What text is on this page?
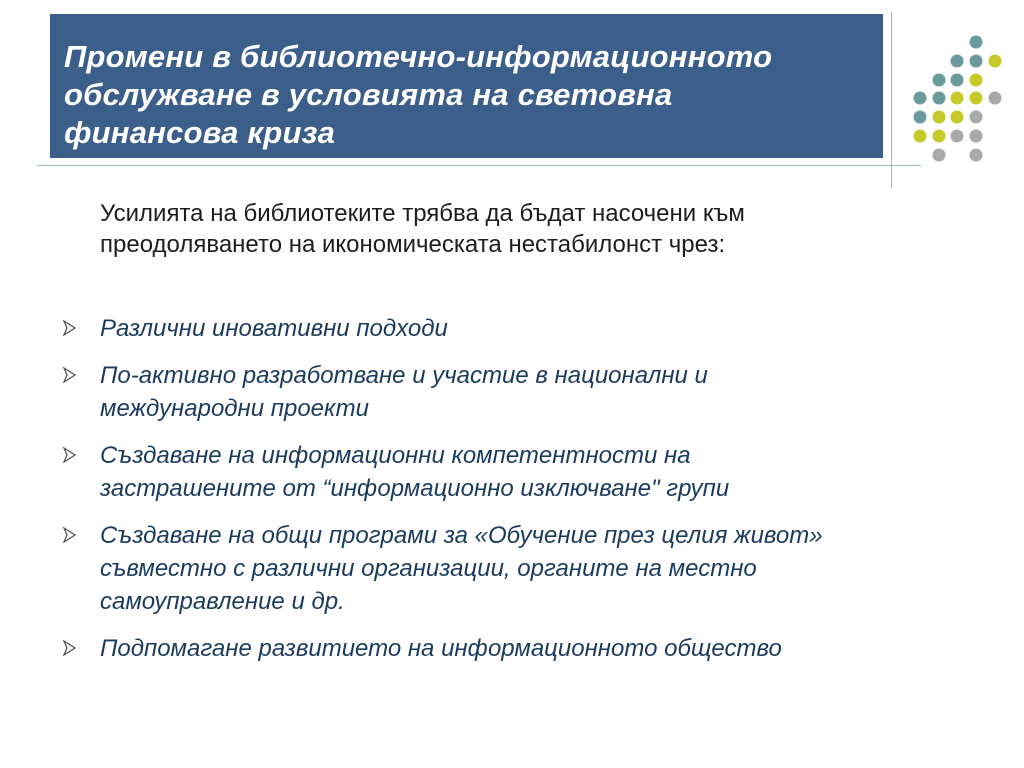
Промени в библиотечно-информационното
обслужване в условията на световна
финансова криза

Усилията на библиотеките трябва да бъдат насочени към
преодоляването на икономическата нестабилонст чрез:

Различни иновативни подходи
По-активно разработване и участие в национални и
международни проекти
Създаване на информационни компетентности на
застрашените от “информационно изключване" групи
Създаване на общи програми за «Обучение през целия живот»
съвместно с различни организации, органите на местно
самоуправление и др.
Подпомагане развитието на информационното общество
